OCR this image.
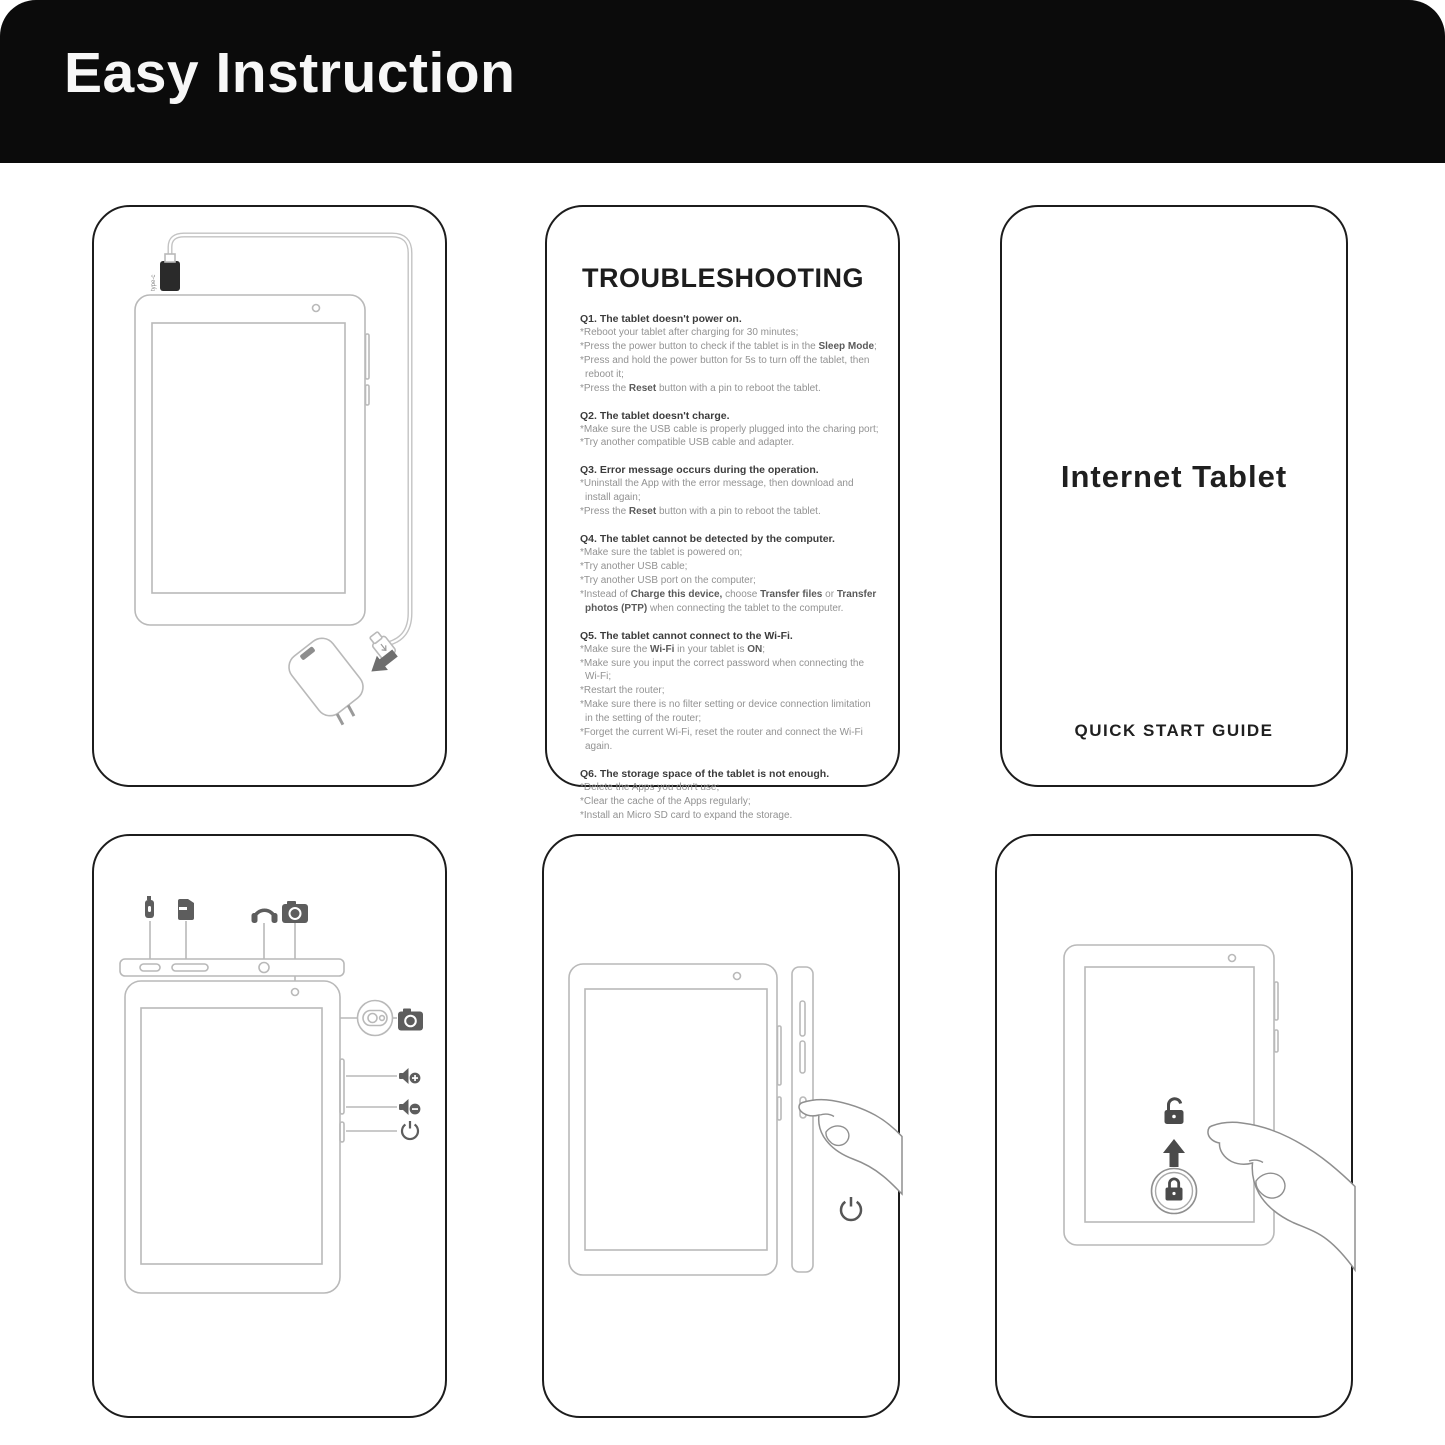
Easy Instruction
type-c	TROUBLESHOOTING
Q1. The tablet doesn't power on.
*Reboot your tablet after charging for 30 minutes;
*Press the power button to check if the tablet is in the Sleep Mode;
*Press and hold the power button for 5s to turn off the tablet, then reboot it;
*Press the Reset button with a pin to reboot the tablet.
Q2. The tablet doesn't charge.
*Make sure the USB cable is properly plugged into the charing port;
*Try another compatible USB cable and adapter.
Q3. Error message occurs during the operation.
*Uninstall the App with the error message, then download and install again;
*Press the Reset button with a pin to reboot the tablet.
Q4. The tablet cannot be detected by the computer.
*Make sure the tablet is powered on;
*Try another USB cable;
*Try another USB port on the computer;
*Instead of Charge this device, choose Transfer files or Transfer photos (PTP) when connecting the tablet to the computer.
Q5. The tablet cannot connect to the Wi-Fi.
*Make sure the Wi-Fi in your tablet is ON;
*Make sure you input the correct password when connecting the Wi-Fi;
*Restart the router;
*Make sure there is no filter setting or device connection limitation in the setting of the router;
*Forget the current Wi-Fi, reset the router and connect the Wi-Fi again.
Q6. The storage space of the tablet is not enough.
*Delete the Apps you don't use;
*Clear the cache of the Apps regularly;
*Install an Micro SD card to expand the storage.
Internet Tablet
QUICK START GUIDE
